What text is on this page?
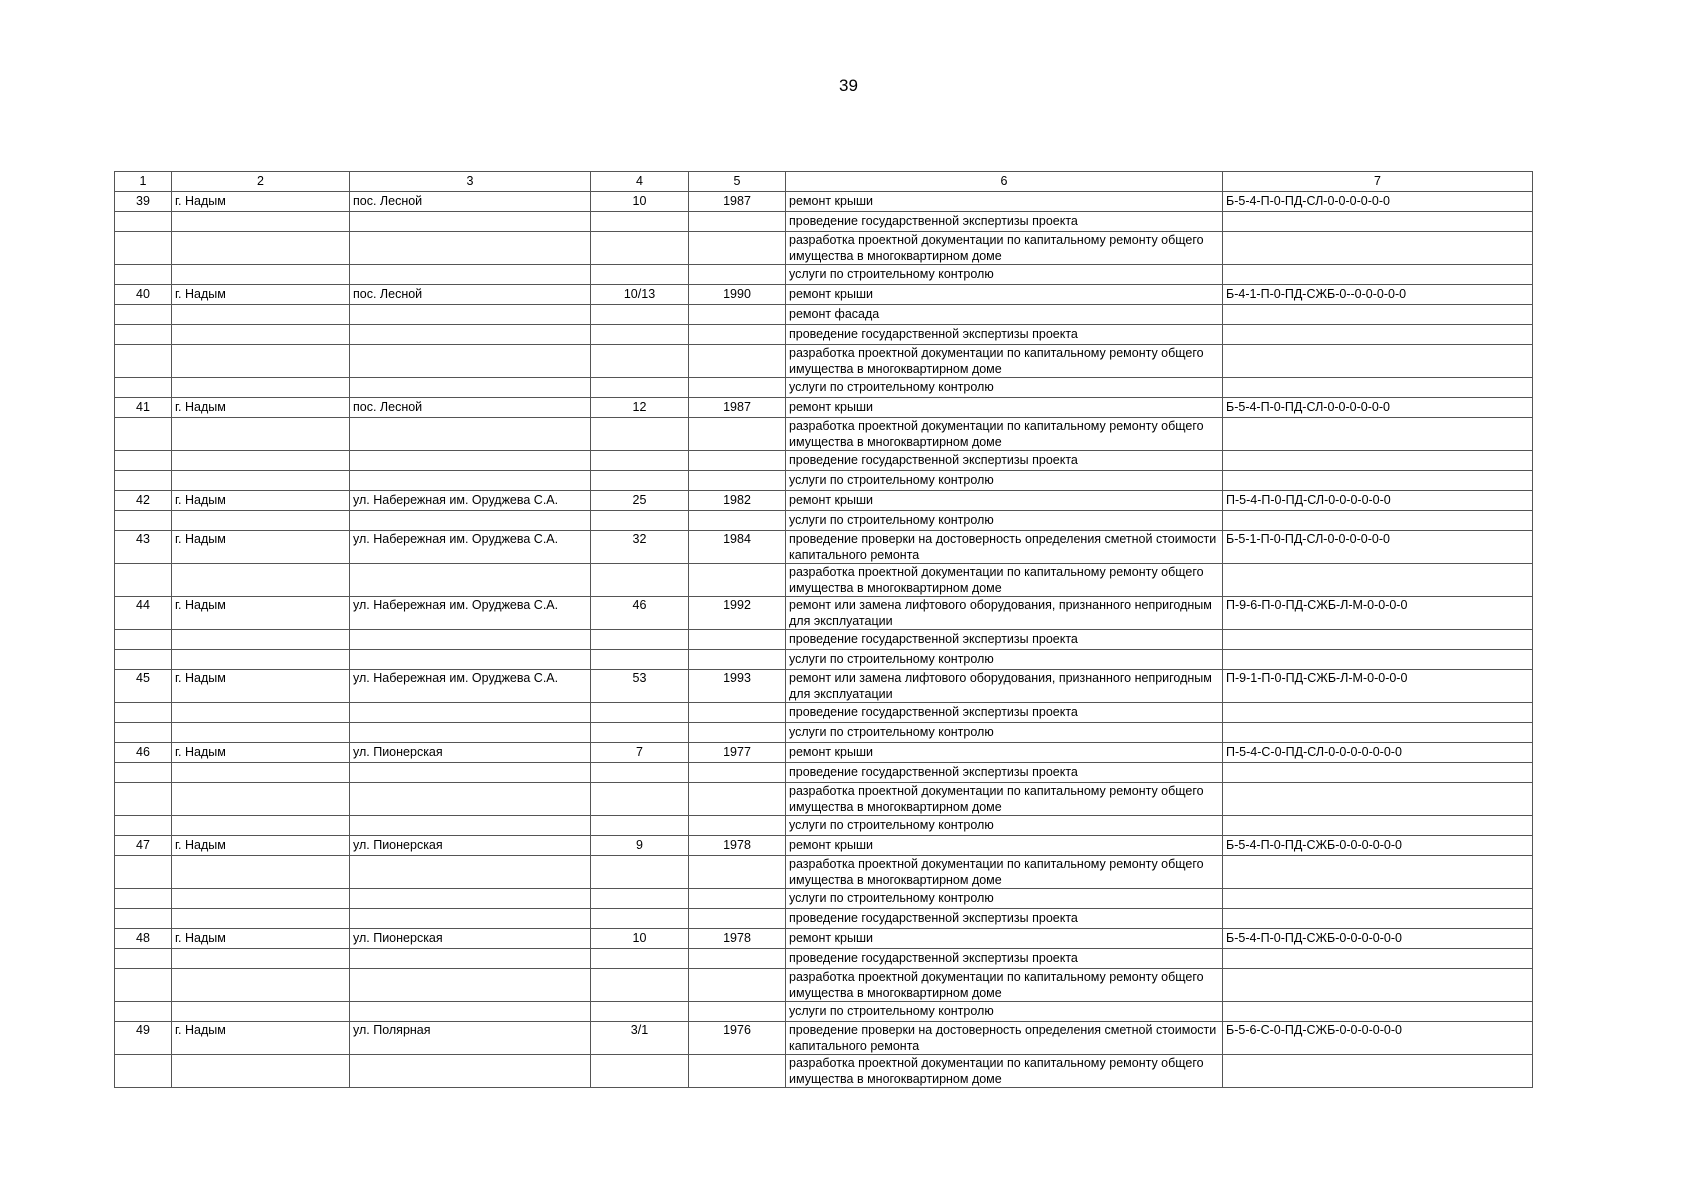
39
1	2	3	4	5	6	7
39	г. Надым	пос. Лесной	10	1987	ремонт крыши	Б-5-4-П-0-ПД-СЛ-0-0-0-0-0-0
					проведение государственной экспертизы проекта	
					разработка проектной документации по капитальному ремонту общего имущества в многоквартирном доме	
					услуги по строительному контролю	
40	г. Надым	пос. Лесной	10/13	1990	ремонт крыши	Б-4-1-П-0-ПД-СЖБ-0--0-0-0-0-0
					ремонт фасада	
					проведение государственной экспертизы проекта	
					разработка проектной документации по капитальному ремонту общего имущества в многоквартирном доме	
					услуги по строительному контролю	
41	г. Надым	пос. Лесной	12	1987	ремонт крыши	Б-5-4-П-0-ПД-СЛ-0-0-0-0-0-0
					разработка проектной документации по капитальному ремонту общего имущества в многоквартирном доме	
					проведение государственной экспертизы проекта	
					услуги по строительному контролю	
42	г. Надым	ул. Набережная им. Оруджева С.А.	25	1982	ремонт крыши	П-5-4-П-0-ПД-СЛ-0-0-0-0-0-0
					услуги по строительному контролю	
43	г. Надым	ул. Набережная им. Оруджева С.А.	32	1984	проведение проверки на достоверность определения сметной стоимости капитального ремонта	Б-5-1-П-0-ПД-СЛ-0-0-0-0-0-0
					разработка проектной документации по капитальному ремонту общего имущества в многоквартирном доме	
44	г. Надым	ул. Набережная им. Оруджева С.А.	46	1992	ремонт или замена лифтового оборудования, признанного непригодным для эксплуатации	П-9-6-П-0-ПД-СЖБ-Л-М-0-0-0-0
					проведение государственной экспертизы проекта	
					услуги по строительному контролю	
45	г. Надым	ул. Набережная им. Оруджева С.А.	53	1993	ремонт или замена лифтового оборудования, признанного непригодным для эксплуатации	П-9-1-П-0-ПД-СЖБ-Л-М-0-0-0-0
					проведение государственной экспертизы проекта	
					услуги по строительному контролю	
46	г. Надым	ул. Пионерская	7	1977	ремонт крыши	П-5-4-С-0-ПД-СЛ-0-0-0-0-0-0-0
					проведение государственной экспертизы проекта	
					разработка проектной документации по капитальному ремонту общего имущества в многоквартирном доме	
					услуги по строительному контролю	
47	г. Надым	ул. Пионерская	9	1978	ремонт крыши	Б-5-4-П-0-ПД-СЖБ-0-0-0-0-0-0
					разработка проектной документации по капитальному ремонту общего имущества в многоквартирном доме	
					услуги по строительному контролю	
					проведение государственной экспертизы проекта	
48	г. Надым	ул. Пионерская	10	1978	ремонт крыши	Б-5-4-П-0-ПД-СЖБ-0-0-0-0-0-0
					проведение государственной экспертизы проекта	
					разработка проектной документации по капитальному ремонту общего имущества в многоквартирном доме	
					услуги по строительному контролю	
49	г. Надым	ул. Полярная	3/1	1976	проведение проверки на достоверность определения сметной стоимости капитального ремонта	Б-5-6-С-0-ПД-СЖБ-0-0-0-0-0-0
					разработка проектной документации по капитальному ремонту общего имущества в многоквартирном доме	
